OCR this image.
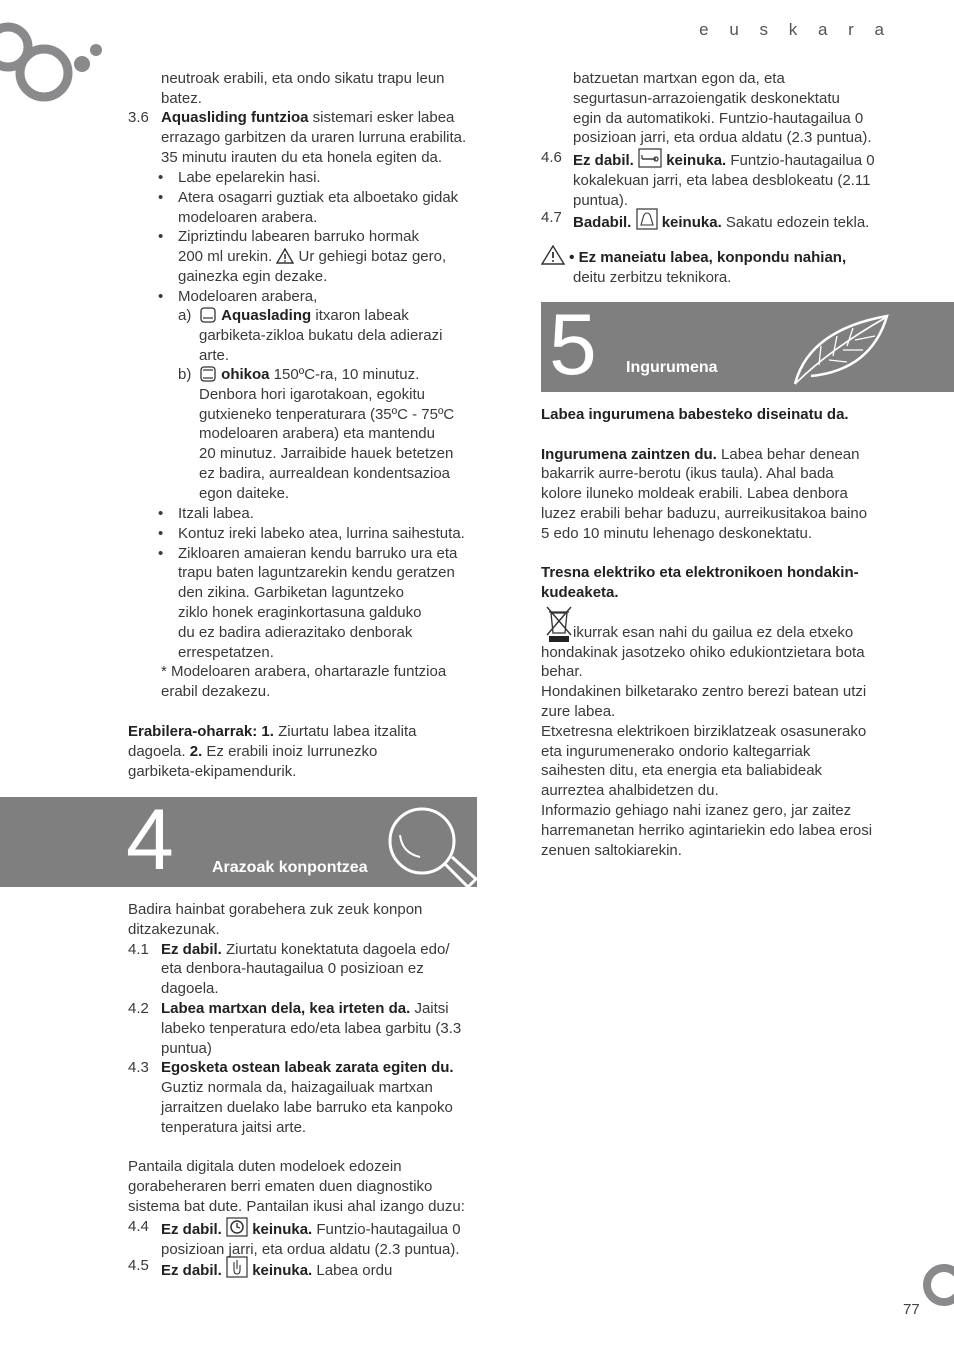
e u s k a r a
77
neutroak erabili, eta ondo sikatu trapu leun
batez.
3.6 Aquasliding funtzioa sistemari esker labea
errazago garbitzen da uraren lurruna erabilita.
35 minutu irauten du eta honela egiten da.
• Labe epelarekin hasi.
• Atera osagarri guztiak eta alboetako gidak
modeloaren arabera.
• Zipriztindu labearen barruko hormak
200 ml urekin.  Ur gehiegi botaz gero,
gainezka egin dezake.
• Modeloaren arabera,
a)	Aquaslading itxaron labeak
garbiketa-zikloa bukatu dela adierazi
arte.
b)	ohikoa 150ºC-ra, 10 minutuz.
Denbora hori igarotakoan, egokitu
gutxieneko tenperaturara (35ºC - 75ºC
modeloaren arabera) eta mantendu
20 minutuz. Jarraibide hauek betetzen
ez badira, aurrealdean kondentsazioa
egon daiteke.
• Itzali labea.
• Kontuz ireki labeko atea, lurrina saihestuta.
• Zikloaren amaieran kendu barruko ura eta
trapu baten laguntzarekin kendu geratzen
den zikina. Garbiketan laguntzeko
ziklo honek eraginkortasuna galduko
du ez badira adierazitako denborak
errespetatzen.
* Modeloaren arabera, ohartarazle funtzioa
erabil dezakezu.
Erabilera-oharrak: 1. Ziurtatu labea itzalita
dagoela. 2. Ez erabili inoiz lurrunezko
garbiketa-ekipamendurik.
4 Arazoak konpontzea
Badira hainbat gorabehera zuk zeuk konpon
ditzakezunak.
4.1 Ez dabil. Ziurtatu konektatuta dagoela edo/
eta denbora-hautagailua 0 posizioan ez
dagoela.
4.2 Labea martxan dela, kea irteten da. Jaitsi
labeko tenperatura edo/eta labea garbitu (3.3
puntua)
4.3 Egosketa ostean labeak zarata egiten du.
Guztiz normala da, haizagailuak martxan
jarraitzen duelako labe barruko eta kanpoko
tenperatura jaitsi arte.
Pantaila digitala duten modeloek edozein
gorabeheraren berri ematen duen diagnostiko
sistema bat dute. Pantailan ikusi ahal izango duzu:
4.4 Ez dabil. keinuka. Funtzio-hautagailua 0
posizioan jarri, eta ordua aldatu (2.3 puntua).
4.5 Ez dabil. keinuka. Labea ordu
batzuetan martxan egon da, eta
segurtasun-arrazoiengatik deskonektatu
egin da automatikoki. Funtzio-hautagailua 0
posizioan jarri, eta ordua aldatu (2.3 puntua).
4.6 Ez dabil. keinuka. Funtzio-hautagailua 0
kokalekuan jarri, eta labea desblokeatu (2.11
puntua).
4.7 Badabil. keinuka. Sakatu edozein tekla.
• Ez maneiatu labea, konpondu nahian,
deitu zerbitzu teknikora.
5 Ingurumena
Labea ingurumena babesteko diseinatu da.
Ingurumena zaintzen du. Labea behar denean
bakarrik aurre-berotu (ikus taula). Ahal bada
kolore iluneko moldeak erabili. Labea denbora
luzez erabili behar baduzu, aurreikusitakoa baino
5 edo 10 minutu lehenago deskonektatu.
Tresna elektriko eta elektronikoen hondakin-
kudeaketa.
ikurrak esan nahi du gailua ez dela etxeko
hondakinak jasotzeko ohiko edukiontzietara bota
behar.
Hondakinen bilketarako zentro berezi batean utzi
zure labea.
Etxetresna elektrikoen birziklatzeak osasunerako
eta ingurumenerako ondorio kaltegarriak
saihesten ditu, eta energia eta baliabideak
aurreztea ahalbidetzen du.
Informazio gehiago nahi izanez gero, jar zaitez
harremanetan herriko agintariekin edo labea erosi
zenuen saltokiarekin.
